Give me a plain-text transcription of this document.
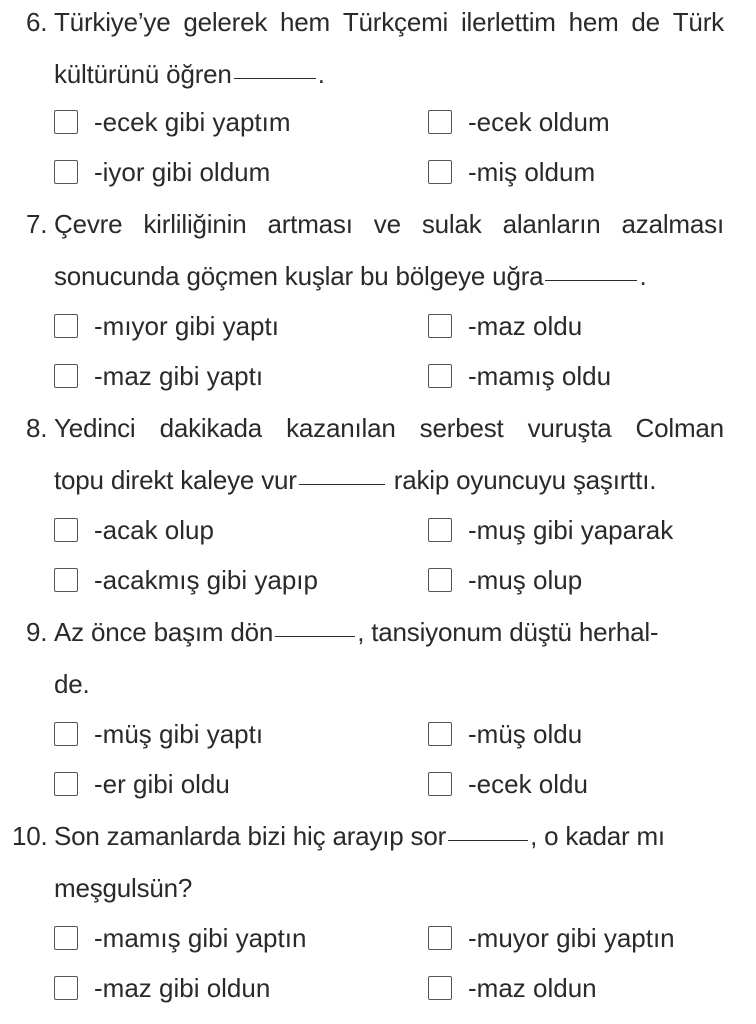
6. Türkiye’ye gelerek hem Türkçemi ilerlettim hem de Türk
kültürünü öğren	.
-ecek gibi yaptım	-ecek oldum
-iyor gibi oldum	-miş oldum
7. Çevre kirliliğinin artması ve sulak alanların azalması
sonucunda göçmen kuşlar bu bölgeye uğra	.
-mıyor gibi yaptı	-maz oldu
-maz gibi yaptı	-mamış oldu
8. Yedinci dakikada kazanılan serbest vuruşta Colman
topu direkt kaleye vur	rakip oyuncuyu şaşırttı.
-acak olup	-muş gibi yaparak
-acakmış gibi yapıp	-muş olup
9. Az önce başım dön	, tansiyonum düştü herhal-
de.
-müş gibi yaptı	-müş oldu
-er gibi oldu	-ecek oldu
10. Son zamanlarda bizi hiç arayıp sor	, o kadar mı
meşgulsün?
-mamış gibi yaptın	-muyor gibi yaptın
-maz gibi oldun	-maz oldun
